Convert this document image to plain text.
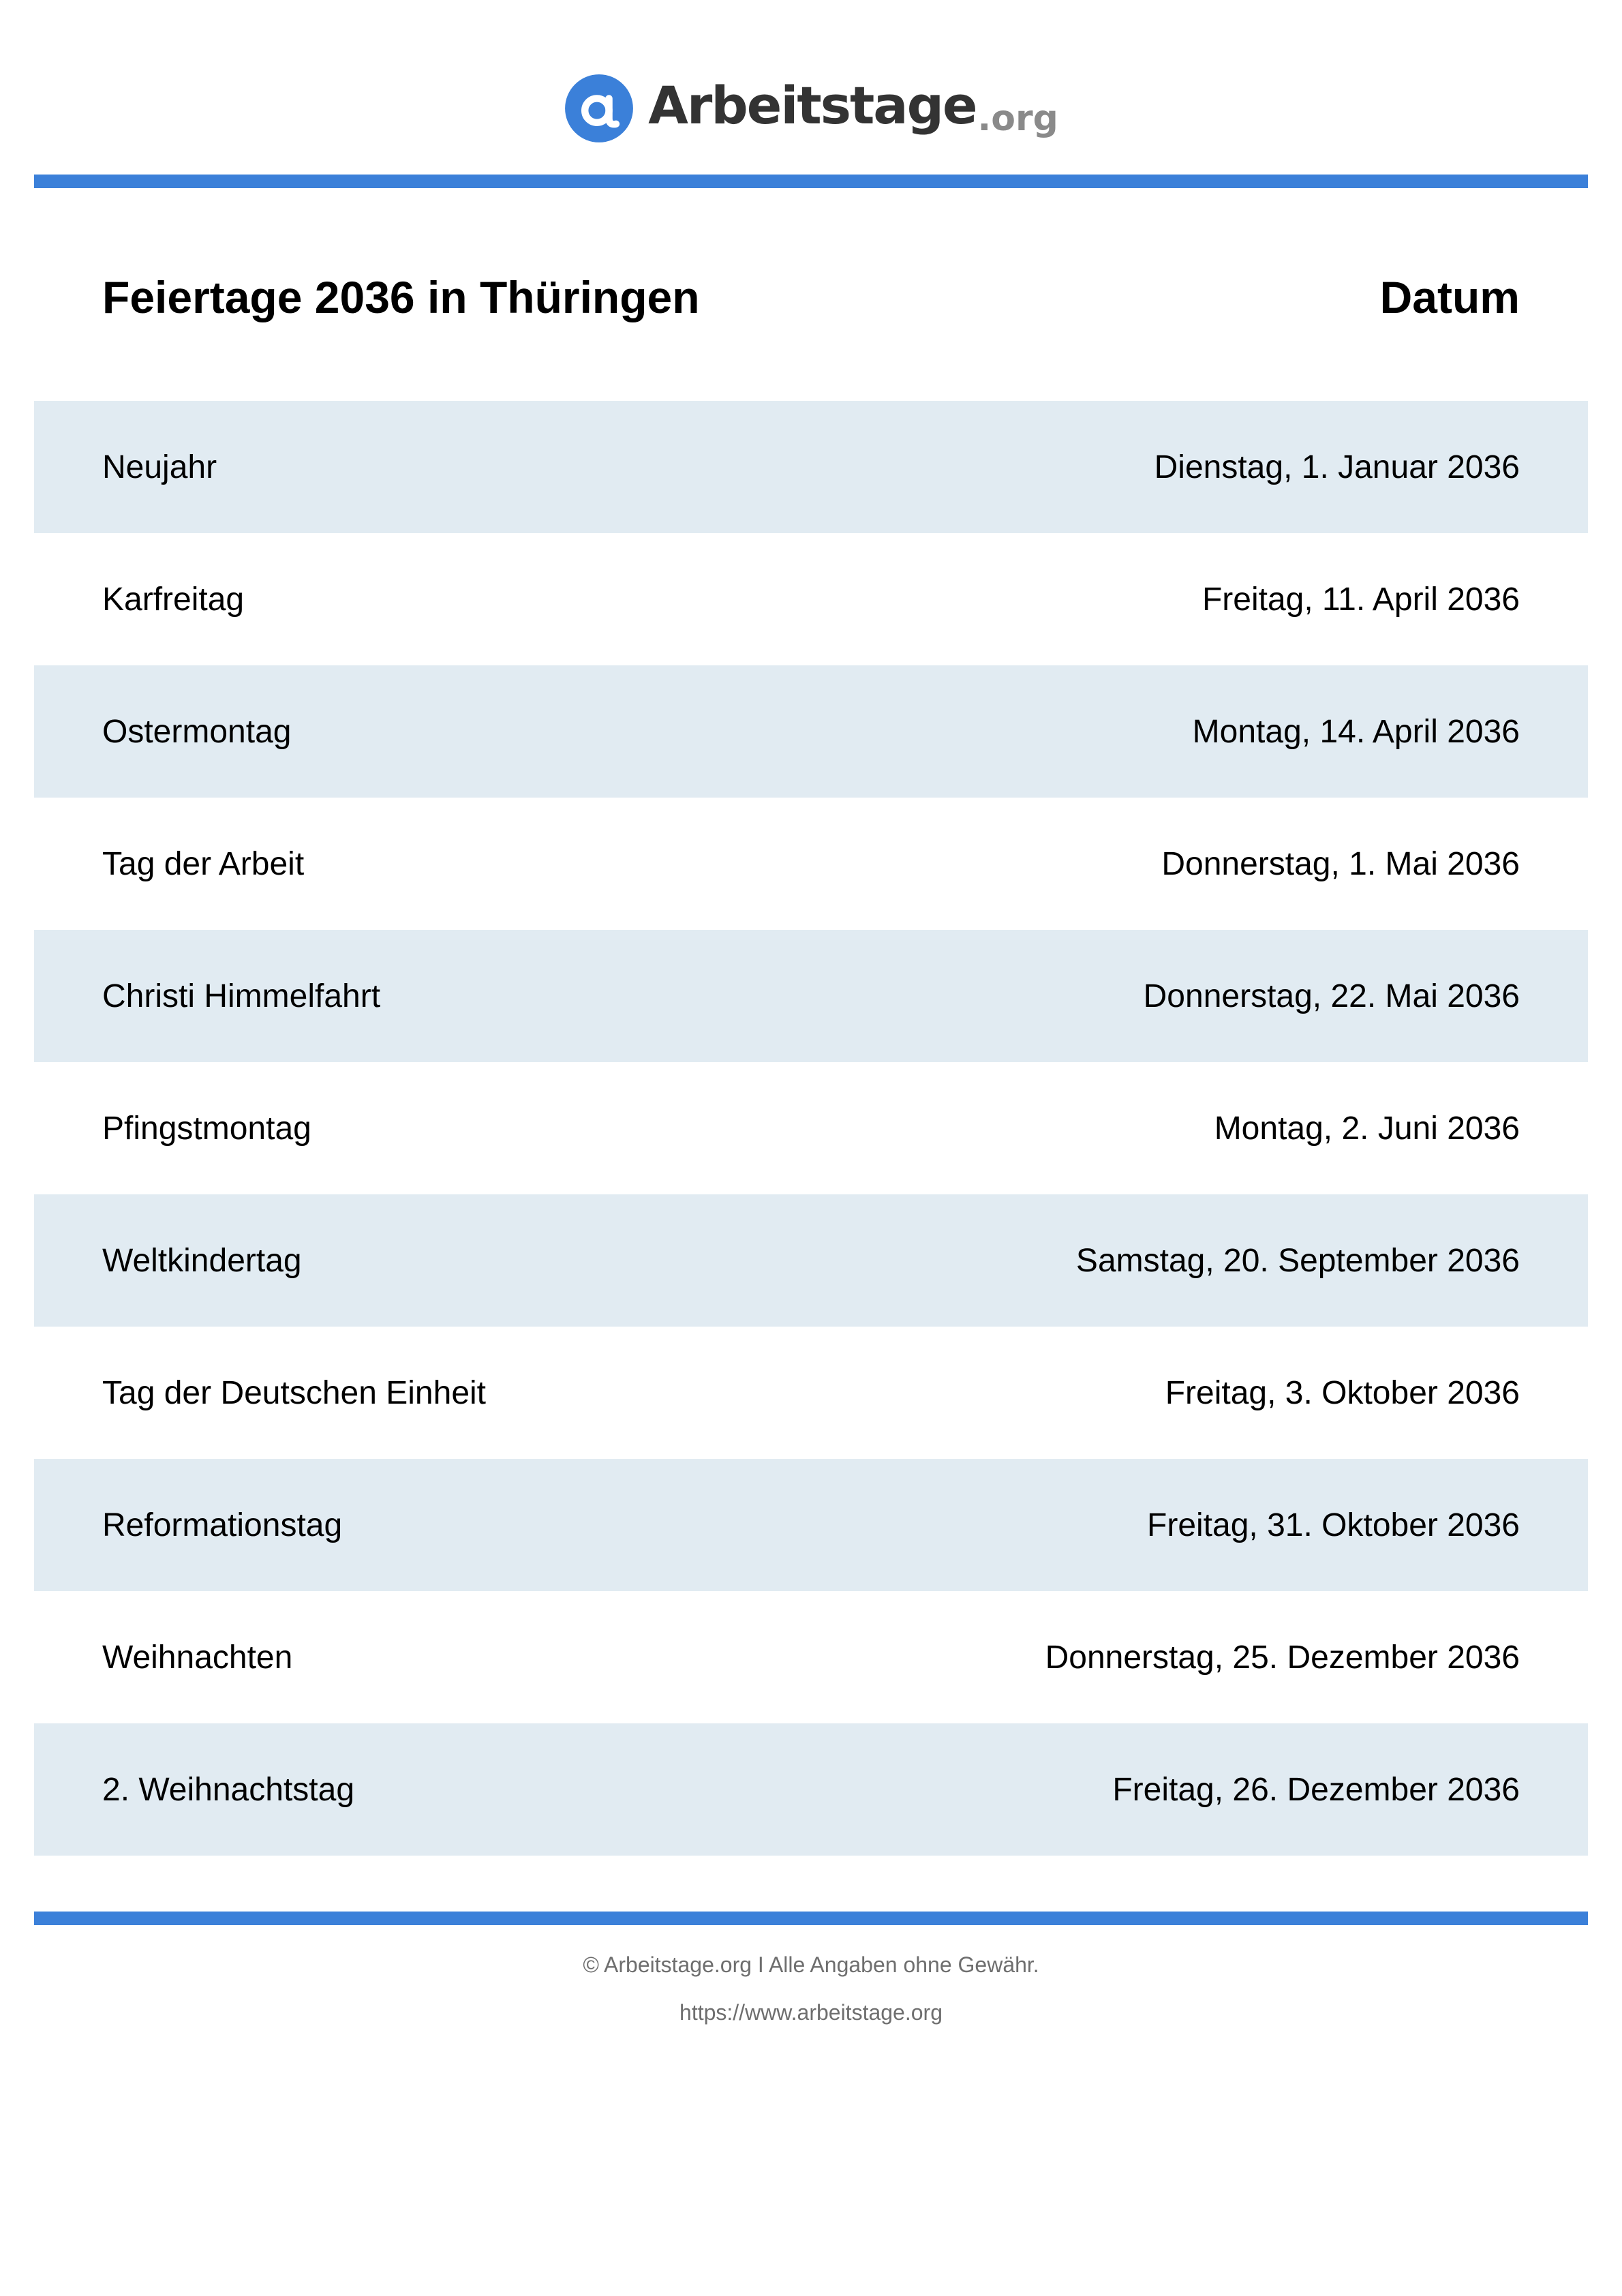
Arbeitstage.org
Feiertage 2036 in Thüringen	Datum
Neujahr	Dienstag, 1. Januar 2036
Karfreitag	Freitag, 11. April 2036
Ostermontag	Montag, 14. April 2036
Tag der Arbeit	Donnerstag, 1. Mai 2036
Christi Himmelfahrt	Donnerstag, 22. Mai 2036
Pfingstmontag	Montag, 2. Juni 2036
Weltkindertag	Samstag, 20. September 2036
Tag der Deutschen Einheit	Freitag, 3. Oktober 2036
Reformationstag	Freitag, 31. Oktober 2036
Weihnachten	Donnerstag, 25. Dezember 2036
2. Weihnachtstag	Freitag, 26. Dezember 2036
© Arbeitstage.org I Alle Angaben ohne Gewähr.
https://www.arbeitstage.org
